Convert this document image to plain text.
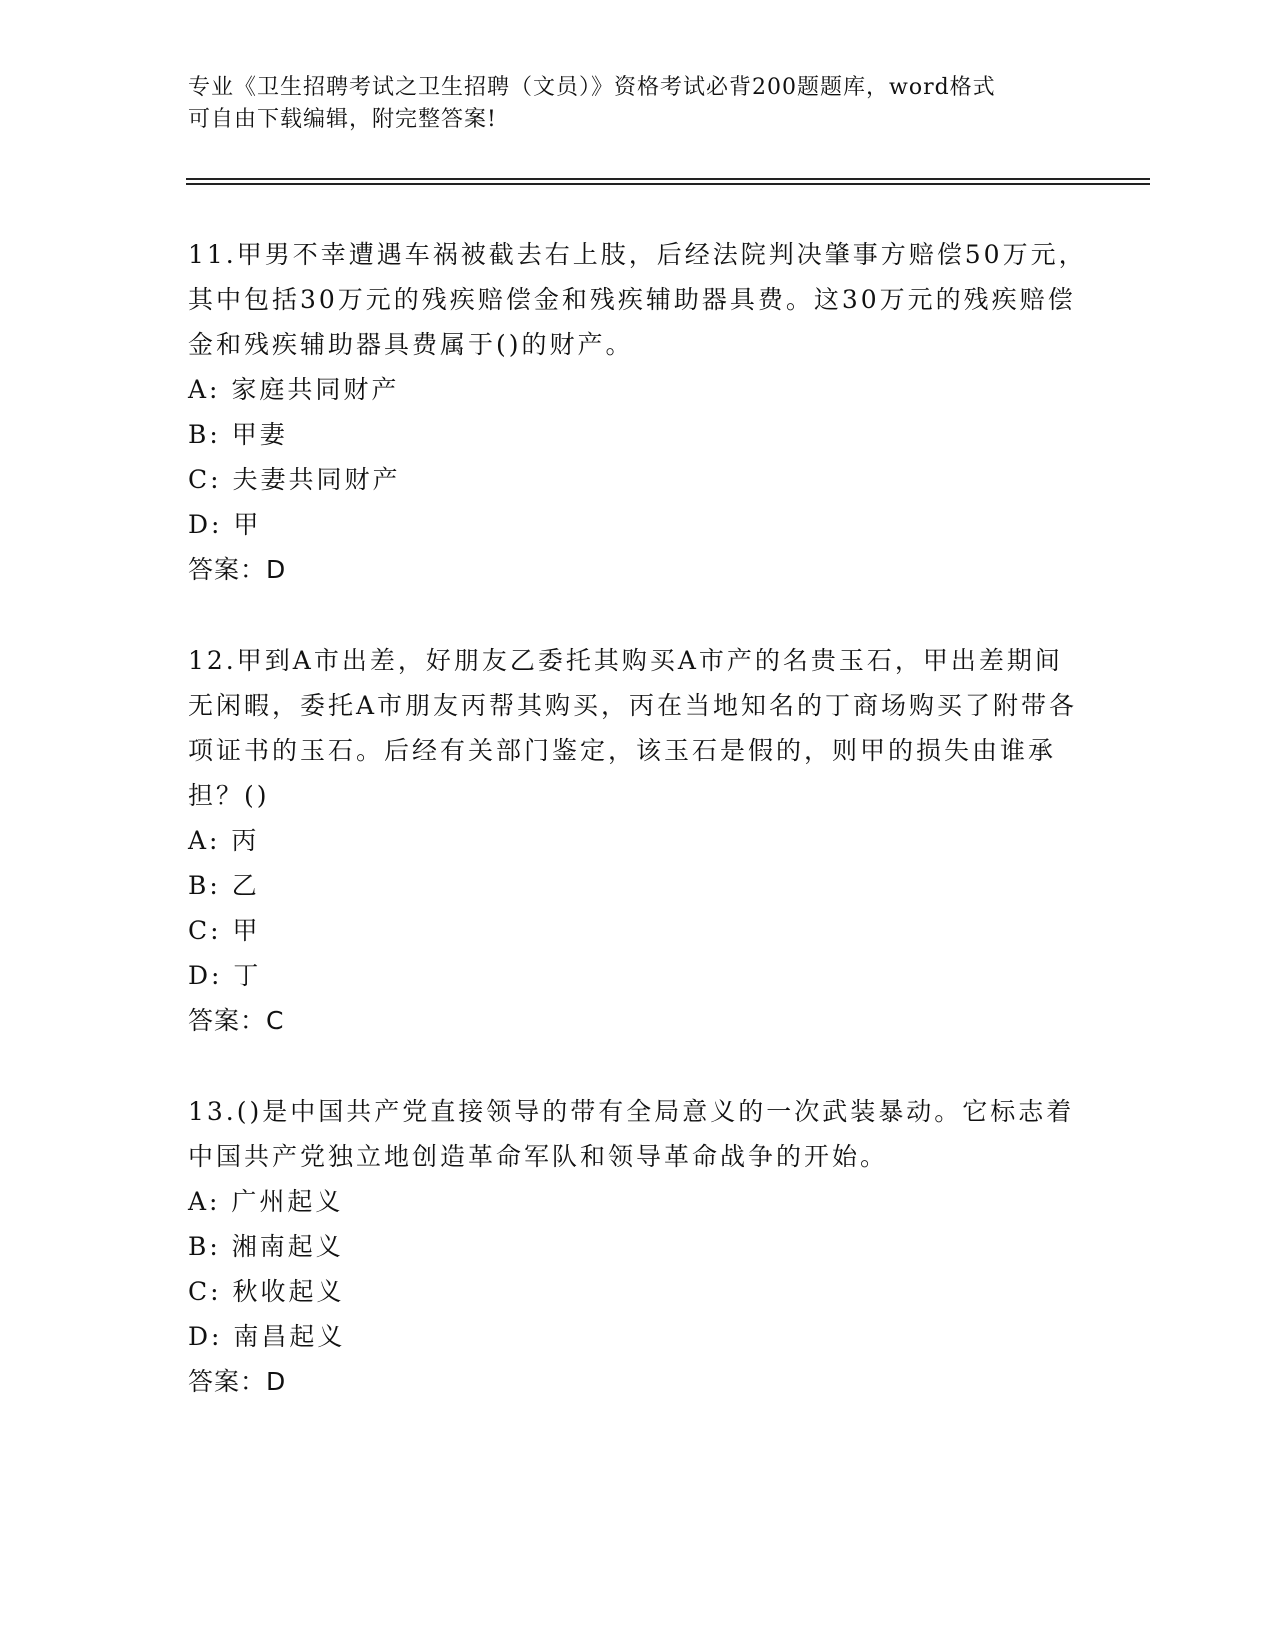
专业《卫生招聘考试之卫生招聘（文员）》资格考试必背200题题库，word格式
可自由下载编辑，附完整答案!

11.甲男不幸遭遇车祸被截去右上肢，后经法院判决肇事方赔偿50万元，其中包括30万元的残疾赔偿金和残疾辅助器具费。这30万元的残疾赔偿金和残疾辅助器具费属于()的财产。

A: 家庭共同财产

B: 甲妻

C: 夫妻共同财产

D: 甲

答案：D

12.甲到A市出差，好朋友乙委托其购买A市产的名贵玉石，甲出差期间无闲暇，委托A市朋友丙帮其购买，丙在当地知名的丁商场购买了附带各项证书的玉石。后经有关部门鉴定，该玉石是假的，则甲的损失由谁承担？()

A: 丙

B: 乙

C: 甲

D: 丁

答案：C

13.()是中国共产党直接领导的带有全局意义的一次武装暴动。它标志着中国共产党独立地创造革命军队和领导革命战争的开始。

A: 广州起义

B: 湘南起义

C: 秋收起义

D: 南昌起义

答案：D
